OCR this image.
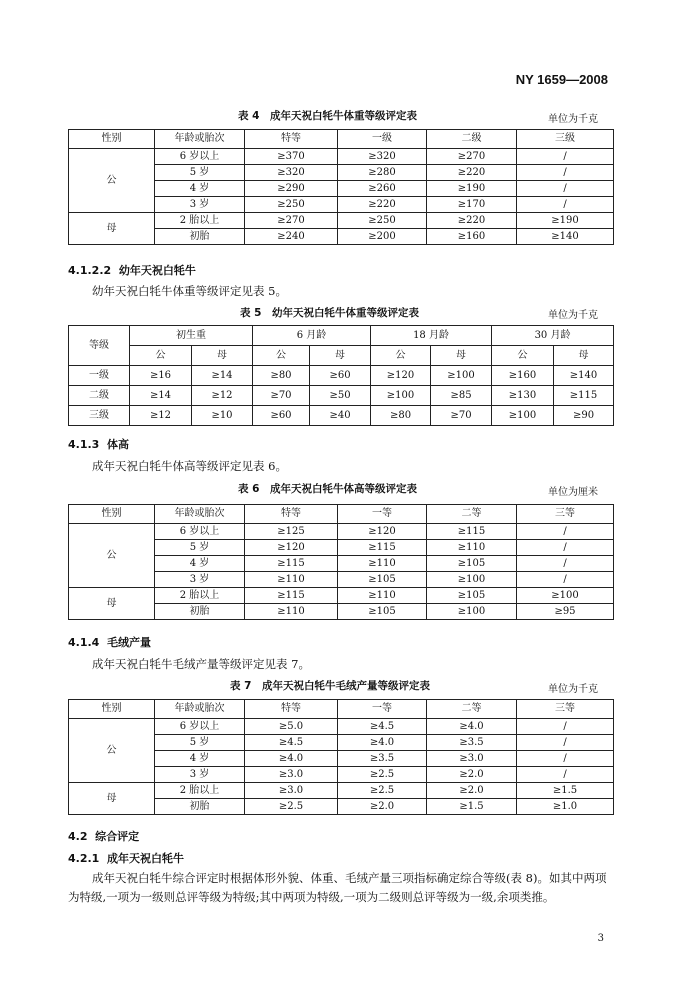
NY 1659—2008
表 4　成年天祝白牦牛体重等级评定表	单位为千克
性别	年龄或胎次	特等	一级	二级	三级
公	6 岁以上	≥370	≥320	≥270	/
	5 岁	≥320	≥280	≥220	/
	4 岁	≥290	≥260	≥190	/
	3 岁	≥250	≥220	≥170	/
母	2 胎以上	≥270	≥250	≥220	≥190
	初胎	≥240	≥200	≥160	≥140
4.1.2.2 幼年天祝白牦牛
幼年天祝白牦牛体重等级评定见表 5。
表 5　幼年天祝白牦牛体重等级评定表	单位为千克
等级	初生重		6 月龄		18 月龄		30 月龄	
	公	母	公	母	公	母	公	母
一级	≥16	≥14	≥80	≥60	≥120	≥100	≥160	≥140
二级	≥14	≥12	≥70	≥50	≥100	≥85	≥130	≥115
三级	≥12	≥10	≥60	≥40	≥80	≥70	≥100	≥90
4.1.3 体高
成年天祝白牦牛体高等级评定见表 6。
表 6　成年天祝白牦牛体高等级评定表	单位为厘米
性别	年龄或胎次	特等	一等	二等	三等
公	6 岁以上	≥125	≥120	≥115	/
	5 岁	≥120	≥115	≥110	/
	4 岁	≥115	≥110	≥105	/
	3 岁	≥110	≥105	≥100	/
母	2 胎以上	≥115	≥110	≥105	≥100
	初胎	≥110	≥105	≥100	≥95
4.1.4 毛绒产量
成年天祝白牦牛毛绒产量等级评定见表 7。
表 7　成年天祝白牦牛毛绒产量等级评定表	单位为千克
性别	年龄或胎次	特等	一等	二等	三等
公	6 岁以上	≥5.0	≥4.5	≥4.0	/
	5 岁	≥4.5	≥4.0	≥3.5	/
	4 岁	≥4.0	≥3.5	≥3.0	/
	3 岁	≥3.0	≥2.5	≥2.0	/
母	2 胎以上	≥3.0	≥2.5	≥2.0	≥1.5
	初胎	≥2.5	≥2.0	≥1.5	≥1.0
4.2 综合评定
4.2.1 成年天祝白牦牛
成年天祝白牦牛综合评定时根据体形外貌、体重、毛绒产量三项指标确定综合等级(表 8)。如其中两项为特级,一项为一级则总评等级为特级;其中两项为特级,一项为二级则总评等级为一级,余项类推。
3
